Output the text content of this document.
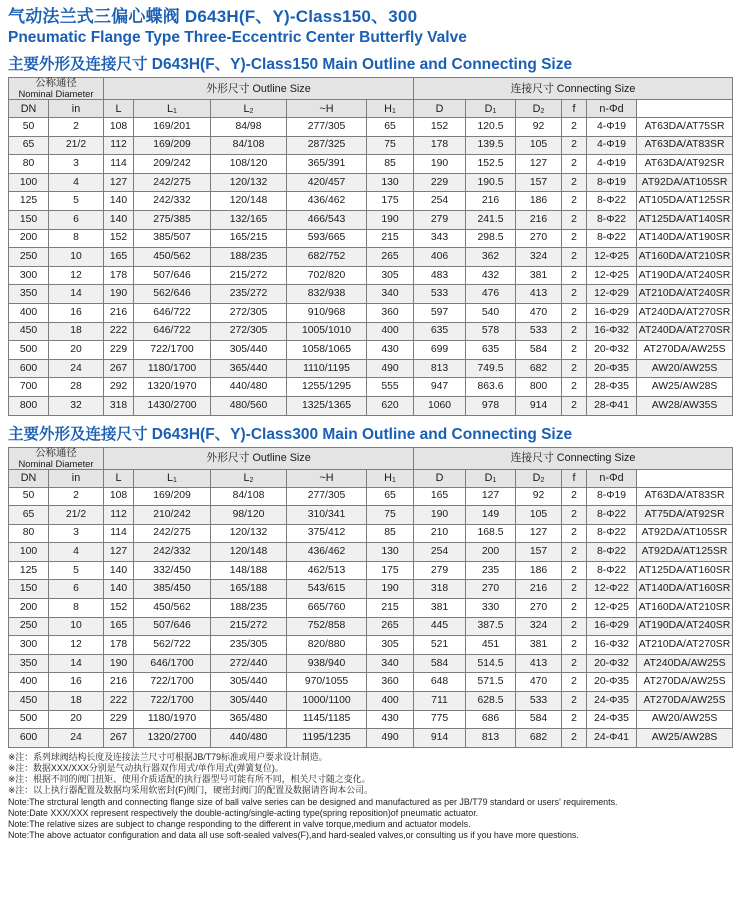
气动法兰式三偏心蝶阀 D643H(F、Y)-Class150、300
Pneumatic Flange Type Three-Eccentric Center Butterfly Valve
主要外形及连接尺寸 D643H(F、Y)-Class150 Main Outline and Connecting Size
公称通径
Nominal Diameter		外形尺寸 Outline Size					连接尺寸 Connecting Size	

DN	in	L	$L_1$	$L_2$	~H	$H_1$	D	$D_1$	$D_2$	f	n-Φd		
50	2	108	169/201	84/98	277/305	65	152	120.5	92	2	4-Φ19	AT63DA/AT75SR	
65	21/2	112	169/209	84/108	287/325	75	178	139.5	105	2	4-Φ19	AT63DA/AT83SR	
80	3	114	209/242	108/120	365/391	85	190	152.5	127	2	4-Φ19	AT63DA/AT92SR	
100	4	127	242/275	120/132	420/457	130	229	190.5	157	2	8-Φ19	AT92DA/AT105SR	
125	5	140	242/332	120/148	436/462	175	254	216	186	2	8-Φ22	AT105DA/AT125SR	
150	6	140	275/385	132/165	466/543	190	279	241.5	216	2	8-Φ22	AT125DA/AT140SR	
200	8	152	385/507	165/215	593/665	215	343	298.5	270	2	8-Φ22	AT140DA/AT190SR	
250	10	165	450/562	188/235	682/752	265	406	362	324	2	12-Φ25	AT160DA/AT210SR	
300	12	178	507/646	215/272	702/820	305	483	432	381	2	12-Φ25	AT190DA/AT240SR	
350	14	190	562/646	235/272	832/938	340	533	476	413	2	12-Φ29	AT210DA/AT240SR	
400	16	216	646/722	272/305	910/968	360	597	540	470	2	16-Φ29	AT240DA/AT270SR	
450	18	222	646/722	272/305	1005/1010	400	635	578	533	2	16-Φ32	AT240DA/AT270SR	
500	20	229	722/1700	305/440	1058/1065	430	699	635	584	2	20-Φ32	AT270DA/AW25S	
600	24	267	1180/1700	365/440	1110/1195	490	813	749.5	682	2	20-Φ35	AW20/AW25S	
700	28	292	1320/1970	440/480	1255/1295	555	947	863.6	800	2	28-Φ35	AW25/AW28S	
800	32	318	1430/2700	480/560	1325/1365	620	1060	978	914	2	28-Φ41	AW28/AW35S	
主要外形及连接尺寸 D643H(F、Y)-Class300 Main Outline and Connecting Size
公称通径
Nominal Diameter		外形尺寸 Outline Size					连接尺寸 Connecting Size	

DN	in	L	$L_1$	$L_2$	~H	$H_1$	D	$D_1$	$D_2$	f	n-Φd		
50	2	108	169/209	84/108	277/305	65	165	127	92	2	8-Φ19	AT63DA/AT83SR	
65	21/2	112	210/242	98/120	310/341	75	190	149	105	2	8-Φ22	AT75DA/AT92SR	
80	3	114	242/275	120/132	375/412	85	210	168.5	127	2	8-Φ22	AT92DA/AT105SR	
100	4	127	242/332	120/148	436/462	130	254	200	157	2	8-Φ22	AT92DA/AT125SR	
125	5	140	332/450	148/188	462/513	175	279	235	186	2	8-Φ22	AT125DA/AT160SR	
150	6	140	385/450	165/188	543/615	190	318	270	216	2	12-Φ22	AT140DA/AT160SR	
200	8	152	450/562	188/235	665/760	215	381	330	270	2	12-Φ25	AT160DA/AT210SR	
250	10	165	507/646	215/272	752/858	265	445	387.5	324	2	16-Φ29	AT190DA/AT240SR	
300	12	178	562/722	235/305	820/880	305	521	451	381	2	16-Φ32	AT210DA/AT270SR	
350	14	190	646/1700	272/440	938/940	340	584	514.5	413	2	20-Φ32	AT240DA/AW25S	
400	16	216	722/1700	305/440	970/1055	360	648	571.5	470	2	20-Φ35	AT270DA/AW25S	
450	18	222	722/1700	305/440	1000/1100	400	711	628.5	533	2	24-Φ35	AT270DA/AW25S	
500	20	229	1180/1970	365/480	1145/1185	430	775	686	584	2	24-Φ35	AW20/AW25S	
600	24	267	1320/2700	440/480	1195/1235	490	914	813	682	2	24-Φ41	AW25/AW28S	
※注：系列球阀结构长度及连接法兰尺寸可根据JB/T79标准或用户要求设计制造。
※注：数据XXX/XXX分别是气动执行器双作用式/单作用式(弹簧复位)。
※注：根据不同的阀门扭矩、使用介质适配的执行器型号可能有所不同，相关尺寸随之变化。
※注：以上执行器配置及数据均采用软密封(F)阀门，硬密封阀门的配置及数据请咨询本公司。
Note:The strctural length and connecting flange size of ball valve series can be designed and manufactured as per JB/T79 standard or users' requirements.
Note:Date XXX/XXX represent respectively the double-acting/single-acting type(spring reposition)of pneumatic actuator.
Note:The relative sizes are subject to change responding to the different in valve torque,medium and actuator models.
Note:The above actuator configuration and data all use soft-sealed valves(F),and hard-sealed valves,or consulting us if you have more questions.
